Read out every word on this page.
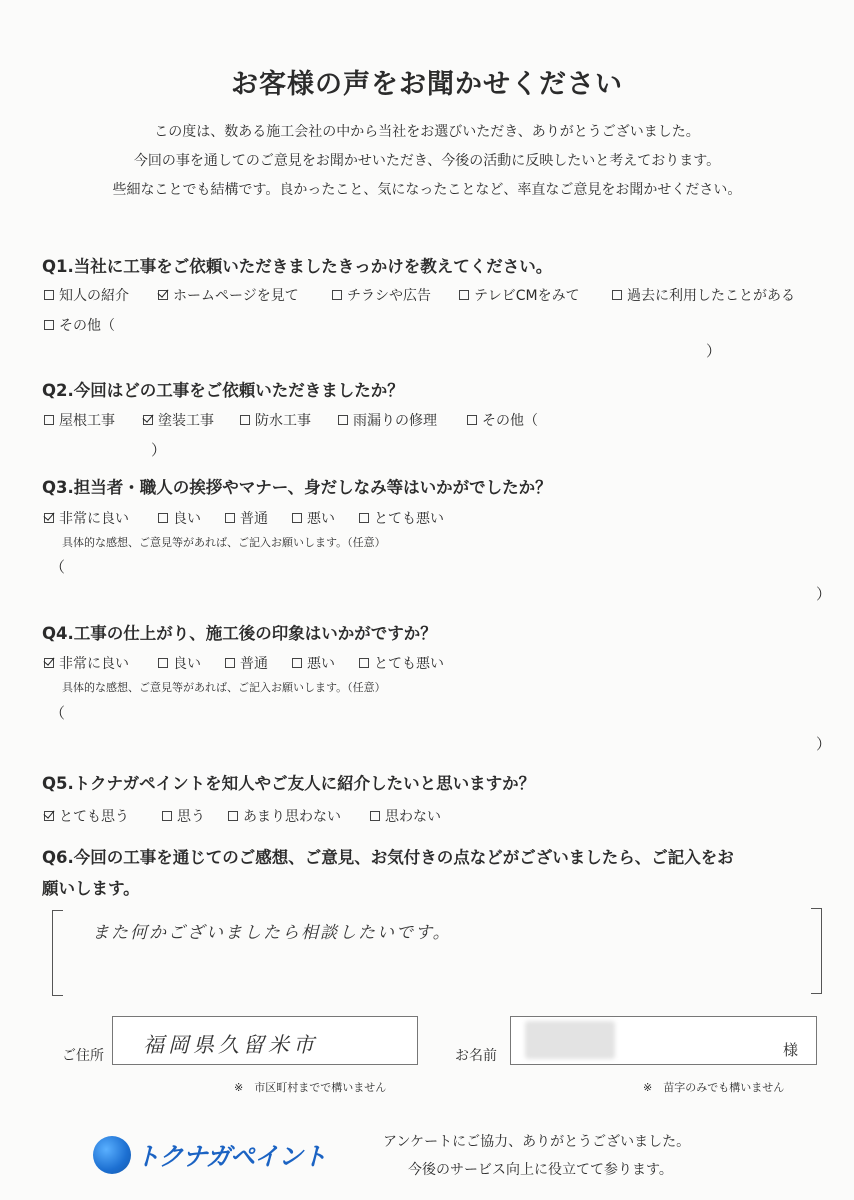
お客様の声をお聞かせください
この度は、数ある施工会社の中から当社をお選びいただき、ありがとうございました。
今回の事を通してのご意見をお聞かせいただき、今後の活動に反映したいと考えております。
些細なことでも結構です。良かったこと、気になったことなど、率直なご意見をお聞かせください。
Q1.当社に工事をご依頼いただきましたきっかけを教えてください。
知人の紹介	ホームページを見て	チラシや広告	テレビCMをみて	過去に利用したことがある
その他（
）
Q2.今回はどの工事をご依頼いただきましたか？
屋根工事	塗装工事	防水工事	雨漏りの修理	その他（
）
Q3.担当者・職人の挨拶やマナー、身だしなみ等はいかがでしたか？
非常に良い	良い	普通	悪い	とても悪い
具体的な感想、ご意見等があれば、ご記入お願いします。（任意）
（
）
Q4.工事の仕上がり、施工後の印象はいかがですか？
非常に良い	良い	普通	悪い	とても悪い
具体的な感想、ご意見等があれば、ご記入お願いします。（任意）
（
）
Q5.トクナガペイントを知人やご友人に紹介したいと思いますか？
とても思う	思う	あまり思わない	思わない
Q6.今回の工事を通じてのご感想、ご意見、お気付きの点などがございましたら、ご記入をお
願いします。
また何かございましたら相談したいです。
ご住所 福岡県久留米市
※　市区町村までで構いません
お名前	様
※　苗字のみでも構いません
トクナガペイント	アンケートにご協力、ありがとうございました。
今後のサービス向上に役立てて参ります。
